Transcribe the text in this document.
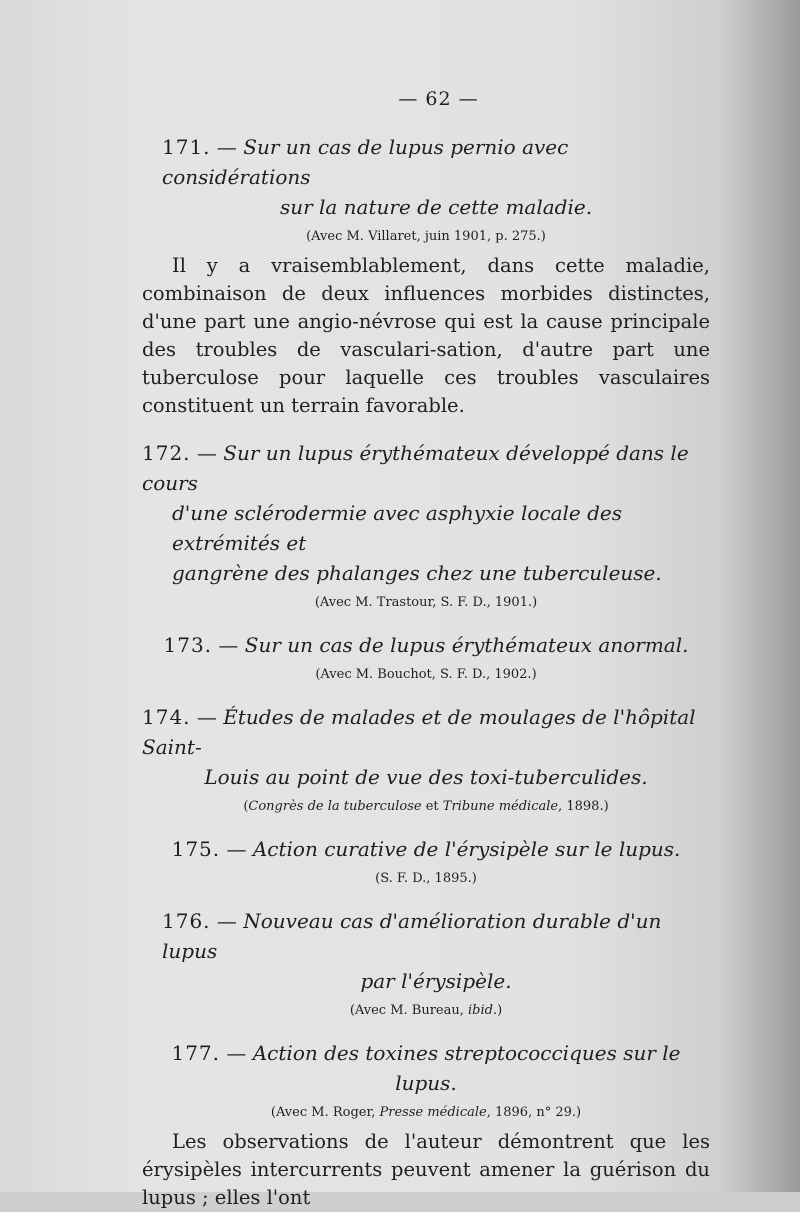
— 62 —
171. — Sur un cas de lupus pernio avec considérations
sur la nature de cette maladie.
(Avec M. Villaret, juin 1901, p. 275.)

Il y a vraisemblablement, dans cette maladie, combinaison de deux influences morbides distinctes, d'une part une angio-névrose qui est la cause principale des troubles de vasculari-sation, d'autre part une tuberculose pour laquelle ces troubles vasculaires constituent un terrain favorable.

172. — Sur un lupus érythémateux développé dans le cours
d'une sclérodermie avec asphyxie locale des extrémités et
gangrène des phalanges chez une tuberculeuse.
(Avec M. Trastour, S. F. D., 1901.)
173. — Sur un cas de lupus érythémateux anormal.
(Avec M. Bouchot, S. F. D., 1902.)
174. — Études de malades et de moulages de l'hôpital Saint-
Louis au point de vue des toxi-tuberculides.
(Congrès de la tuberculose et Tribune médicale, 1898.)
175. — Action curative de l'érysipèle sur le lupus.
(S. F. D., 1895.)
176. — Nouveau cas d'amélioration durable d'un lupus
par l'érysipèle.
(Avec M. Bureau, ibid.)
177. — Action des toxines streptococciques sur le lupus.
(Avec M. Roger, Presse médicale, 1896, n° 29.)

Les observations de l'auteur démontrent que les érysipèles intercurrents peuvent amener la guérison du lupus ; elles l'ont
